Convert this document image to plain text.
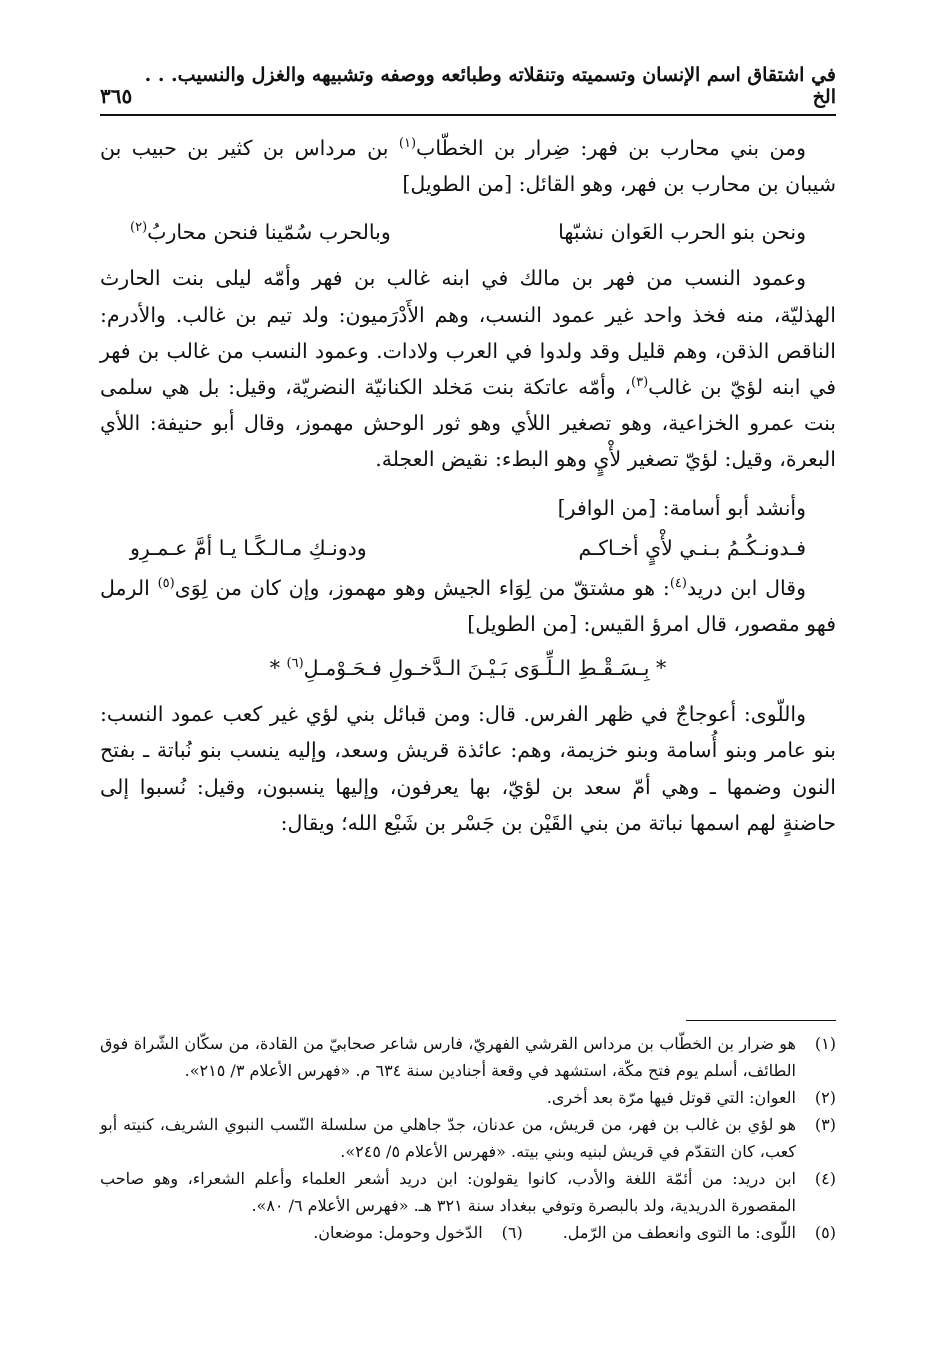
في اشتقاق اسم الإنسان وتسميته وتنقلاته وطبائعه ووصفه وتشبيهه والغزل والنسيب. . . الخ
٣٦٥

ومن بني محارب بن فهر: ضِرار بن الخطّاب$^{(١)}$ بن مرداس بن كثير بن حبيب بن شيبان بن محارب بن فهر، وهو القائل: [من الطويل]

ونحن بنو الحرب العَوان نشبّها
وبالحرب سُمّينا فنحن محاربُ$^{(٢)}$

وعمود النسب من فهر بن مالك في ابنه غالب بن فهر وأمّه ليلى بنت الحارث الهذليّة، منه فخذ واحد غير عمود النسب، وهم الأَدْرَميون: ولد تيم بن غالب. والأدرم: الناقص الذقن، وهم قليل وقد ولدوا في العرب ولادات. وعمود النسب من غالب بن فهر في ابنه لؤيّ بن غالب$^{(٣)}$، وأمّه عاتكة بنت مَخلد الكنانيّة النضريّة، وقيل: بل هي سلمى بنت عمرو الخزاعية، وهو تصغير اللأي وهو ثور الوحش مهموز، وقال أبو حنيفة: اللأي البعرة، وقيل: لؤيّ تصغير لأْيٍ وهو البطء: نقيض العجلة.

وأنشد أبو أسامة: [من الوافر]

فـدونـكُـمُ بـنـي لأْيٍ أخـاكـم
ودونـكِ مـالـكًـا يـا أمَّ عـمـرِو

وقال ابن دريد$^{(٤)}$: هو مشتقّ من لِوَاء الجيش وهو مهموز، وإن كان من لِوَى$^{(٥)}$ الرمل فهو مقصور، قال امرؤ القيس: [من الطويل]

* بِـسَـقْـطِ الـلِّـوَى بَـيْـنَ الـدَّخـولِ فـحَـوْمـلِ$^{(٦)}$ *

واللّوى: أعوجاجٌ في ظهر الفرس. قال: ومن قبائل بني لؤي غير كعب عمود النسب: بنو عامر وبنو أُسامة وبنو خزيمة، وهم: عائذة قريش وسعد، وإليه ينسب بنو نُباتة ـ بفتح النون وضمها ـ وهي أمّ سعد بن لؤيّ، بها يعرفون، وإليها ينسبون، وقيل: نُسبوا إلى حاضنةٍ لهم اسمها نباتة من بني القَيْن بن جَسْر بن شَيْع الله؛ ويقال:

(١)
هو ضرار بن الخطّاب بن مرداس القرشي الفهريّ، فارس شاعر صحابيّ من القادة، من سكّان الشّراة فوق الطائف، أسلم يوم فتح مكّة، استشهد في وقعة أجنادين سنة ٦٣٤ م. «فهرس الأعلام ٣/ ٢١٥».
(٢)
العوان: التي قوتل فيها مرّة بعد أخرى.
(٣)
هو لؤي بن غالب بن فهر، من قريش، من عدنان، جدّ جاهلي من سلسلة النّسب النبوي الشريف، كنيته أبو كعب، كان التقدّم في قريش لبنيه وبني بيته. «فهرس الأعلام ٥/ ٢٤٥».
(٤)
ابن دريد: من أئمّة اللغة والأدب، كانوا يقولون: ابن دريد أشعر العلماء وأعلم الشعراء، وهو صاحب المقصورة الدريدية، ولد بالبصرة وتوفي ببغداد سنة ٣٢١ هـ. «فهرس الأعلام ٦/ ٨٠».
(٥)
اللّوى: ما التوى وانعطف من الرّمل.
(٦)
الدّخول وحومل: موضعان.
